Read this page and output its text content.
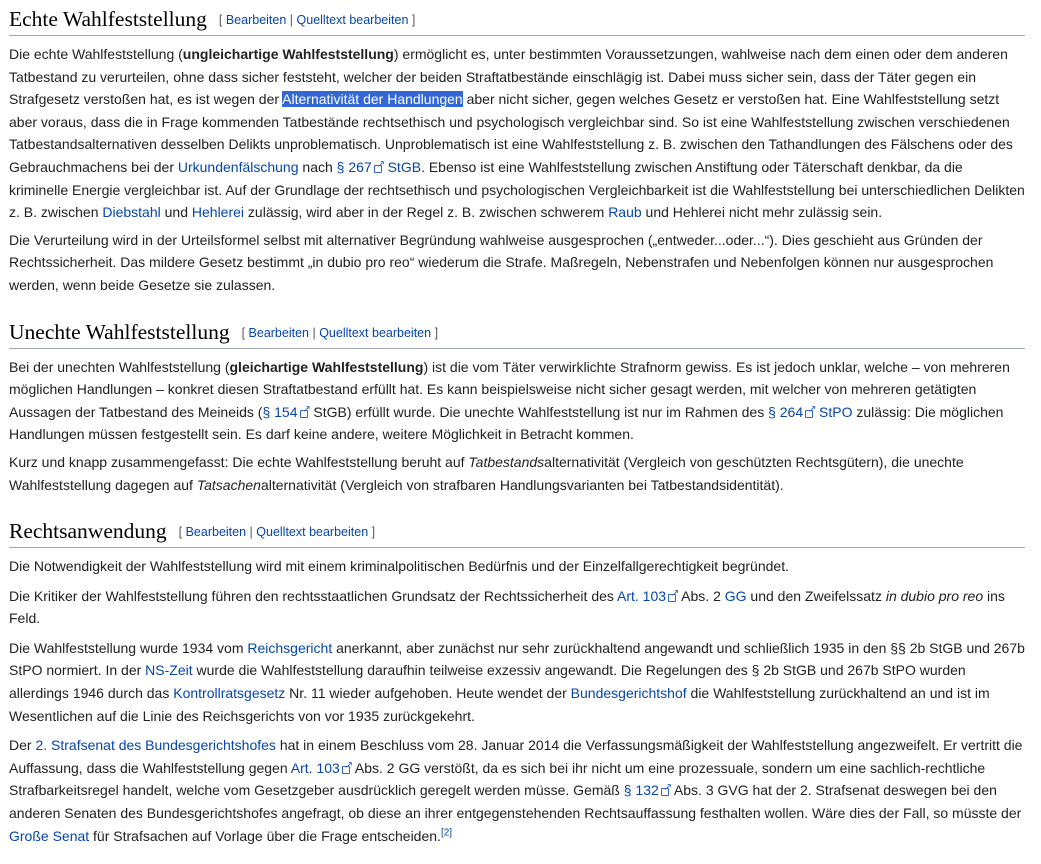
Echte Wahlfeststellung [ Bearbeiten | Quelltext bearbeiten ]

Die echte Wahlfeststellung (ungleichartige Wahlfeststellung) ermöglicht es, unter bestimmten Voraussetzungen, wahlweise nach dem einen oder dem anderen Tatbestand zu verurteilen, ohne dass sicher feststeht, welcher der beiden Straftatbestände einschlägig ist. Dabei muss sicher sein, dass der Täter gegen ein Strafgesetz verstoßen hat, es ist wegen der Alternativität der Handlungen aber nicht sicher, gegen welches Gesetz er verstoßen hat. Eine Wahlfeststellung setzt aber voraus, dass die in Frage kommenden Tatbestände rechtsethisch und psychologisch vergleichbar sind. So ist eine Wahlfeststellung zwischen verschiedenen Tatbestandsalternativen desselben Delikts unproblematisch. Unproblematisch ist eine Wahlfeststellung z. B. zwischen den Tathandlungen des Fälschens oder des Gebrauchmachens bei der Urkundenfälschung nach § 267 ↗ StGB. Ebenso ist eine Wahlfeststellung zwischen Anstiftung oder Täterschaft denkbar, da die kriminelle Energie vergleichbar ist. Auf der Grundlage der rechtsethisch und psychologischen Vergleichbarkeit ist die Wahlfeststellung bei unterschiedlichen Delikten z. B. zwischen Diebstahl und Hehlerei zulässig, wird aber in der Regel z. B. zwischen schwerem Raub und Hehlerei nicht mehr zulässig sein.

Die Verurteilung wird in der Urteilsformel selbst mit alternativer Begründung wahlweise ausgesprochen („entweder...oder...“). Dies geschieht aus Gründen der Rechtssicherheit. Das mildere Gesetz bestimmt „in dubio pro reo“ wiederum die Strafe. Maßregeln, Nebenstrafen und Nebenfolgen können nur ausgesprochen werden, wenn beide Gesetze sie zulassen.

Unechte Wahlfeststellung [ Bearbeiten | Quelltext bearbeiten ]

Bei der unechten Wahlfeststellung (gleichartige Wahlfeststellung) ist die vom Täter verwirklichte Strafnorm gewiss. Es ist jedoch unklar, welche – von mehreren möglichen Handlungen – konkret diesen Straftatbestand erfüllt hat. Es kann beispielsweise nicht sicher gesagt werden, mit welcher von mehreren getätigten Aussagen der Tatbestand des Meineids (§ 154↗ StGB) erfüllt wurde. Die unechte Wahlfeststellung ist nur im Rahmen des § 264 ↗ StPO zulässig: Die möglichen Handlungen müssen festgestellt sein. Es darf keine andere, weitere Möglichkeit in Betracht kommen.

Kurz und knapp zusammengefasst: Die echte Wahlfeststellung beruht auf Tatbestandsalternativität (Vergleich von geschützten Rechtsgütern), die unechte Wahlfeststellung dagegen auf Tatsachenalternativität (Vergleich von strafbaren Handlungsvarianten bei Tatbestandsidentität).

Rechtsanwendung [ Bearbeiten | Quelltext bearbeiten ]

Die Notwendigkeit der Wahlfeststellung wird mit einem kriminalpolitischen Bedürfnis und der Einzelfallgerechtigkeit begründet.

Die Kritiker der Wahlfeststellung führen den rechtsstaatlichen Grundsatz der Rechtssicherheit des Art. 103↗ Abs. 2 GG und den Zweifelssatz in dubio pro reo ins Feld.

Die Wahlfeststellung wurde 1934 vom Reichsgericht anerkannt, aber zunächst nur sehr zurückhaltend angewandt und schließlich 1935 in den §§ 2b StGB und 267b StPO normiert. In der NS-Zeit wurde die Wahlfeststellung daraufhin teilweise exzessiv angewandt. Die Regelungen des § 2b StGB und 267b StPO wurden allerdings 1946 durch das Kontrollratsgesetz Nr. 11 wieder aufgehoben. Heute wendet der Bundesgerichtshof die Wahlfeststellung zurückhaltend an und ist im Wesentlichen auf die Linie des Reichsgerichts von vor 1935 zurückgekehrt.

Der 2. Strafsenat des Bundesgerichtshofes hat in einem Beschluss vom 28. Januar 2014 die Verfassungsmäßigkeit der Wahlfeststellung angezweifelt. Er vertritt die Auffassung, dass die Wahlfeststellung gegen Art. 103↗ Abs. 2 GG verstößt, da es sich bei ihr nicht um eine prozessuale, sondern um eine sachlich-rechtliche Strafbarkeitsregel handelt, welche vom Gesetzgeber ausdrücklich geregelt werden müsse. Gemäß § 132↗ Abs. 3 GVG hat der 2. Strafsenat deswegen bei den anderen Senaten des Bundesgerichtshofes angefragt, ob diese an ihrer entgegenstehenden Rechtsauffassung festhalten wollen. Wäre dies der Fall, so müsste der Große Senat für Strafsachen auf Vorlage über die Frage entscheiden.[2]
